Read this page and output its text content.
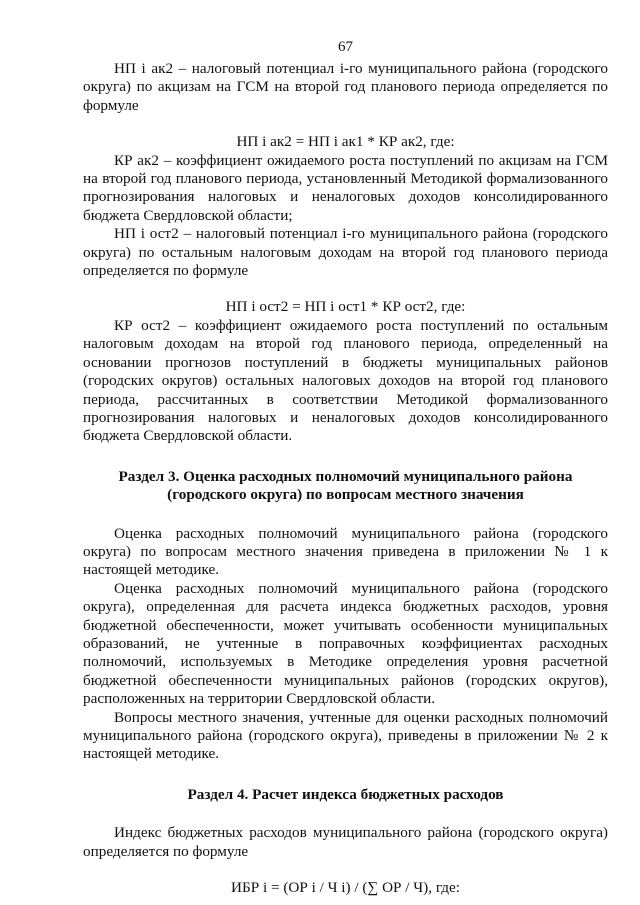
67

НП i ак2 – налоговый потенциал i-го муниципального района (городского округа) по акцизам на ГСМ на второй год планового периода определяется по формуле

НП i ак2 = НП i ак1 * КР ак2, где:

КР ак2 – коэффициент ожидаемого роста поступлений по акцизам на ГСМ на второй год планового периода, установленный Методикой формализованного прогнозирования налоговых и неналоговых доходов консолидированного бюджета Свердловской области;

НП i ост2 – налоговый потенциал i-го муниципального района (городского округа) по остальным налоговым доходам на второй год планового периода определяется по формуле

НП i ост2 = НП i ост1 * КР ост2, где:

КР ост2 – коэффициент ожидаемого роста поступлений по остальным налоговым доходам на второй год планового периода, определенный на основании прогнозов поступлений в бюджеты муниципальных районов (городских округов) остальных налоговых доходов на второй год планового периода, рассчитанных в соответствии Методикой формализованного прогнозирования налоговых и неналоговых доходов консолидированного бюджета Свердловской области.

Раздел 3. Оценка расходных полномочий муниципального района

(городского округа) по вопросам местного значения

Оценка расходных полномочий муниципального района (городского округа) по вопросам местного значения приведена в приложении № 1 к настоящей методике.

Оценка расходных полномочий муниципального района (городского округа), определенная для расчета индекса бюджетных расходов, уровня бюджетной обеспеченности, может учитывать особенности муниципальных образований, не учтенные в поправочных коэффициентах расходных полномочий, используемых в Методике определения уровня расчетной бюджетной обеспеченности муниципальных районов (городских округов), расположенных на территории Свердловской области.

Вопросы местного значения, учтенные для оценки расходных полномочий муниципального района (городского округа), приведены в приложении № 2 к настоящей методике.

Раздел 4. Расчет индекса бюджетных расходов

Индекс бюджетных расходов муниципального района (городского округа) определяется по формуле

ИБР i = (ОР i / Ч i) / (∑ ОР / Ч), где:
